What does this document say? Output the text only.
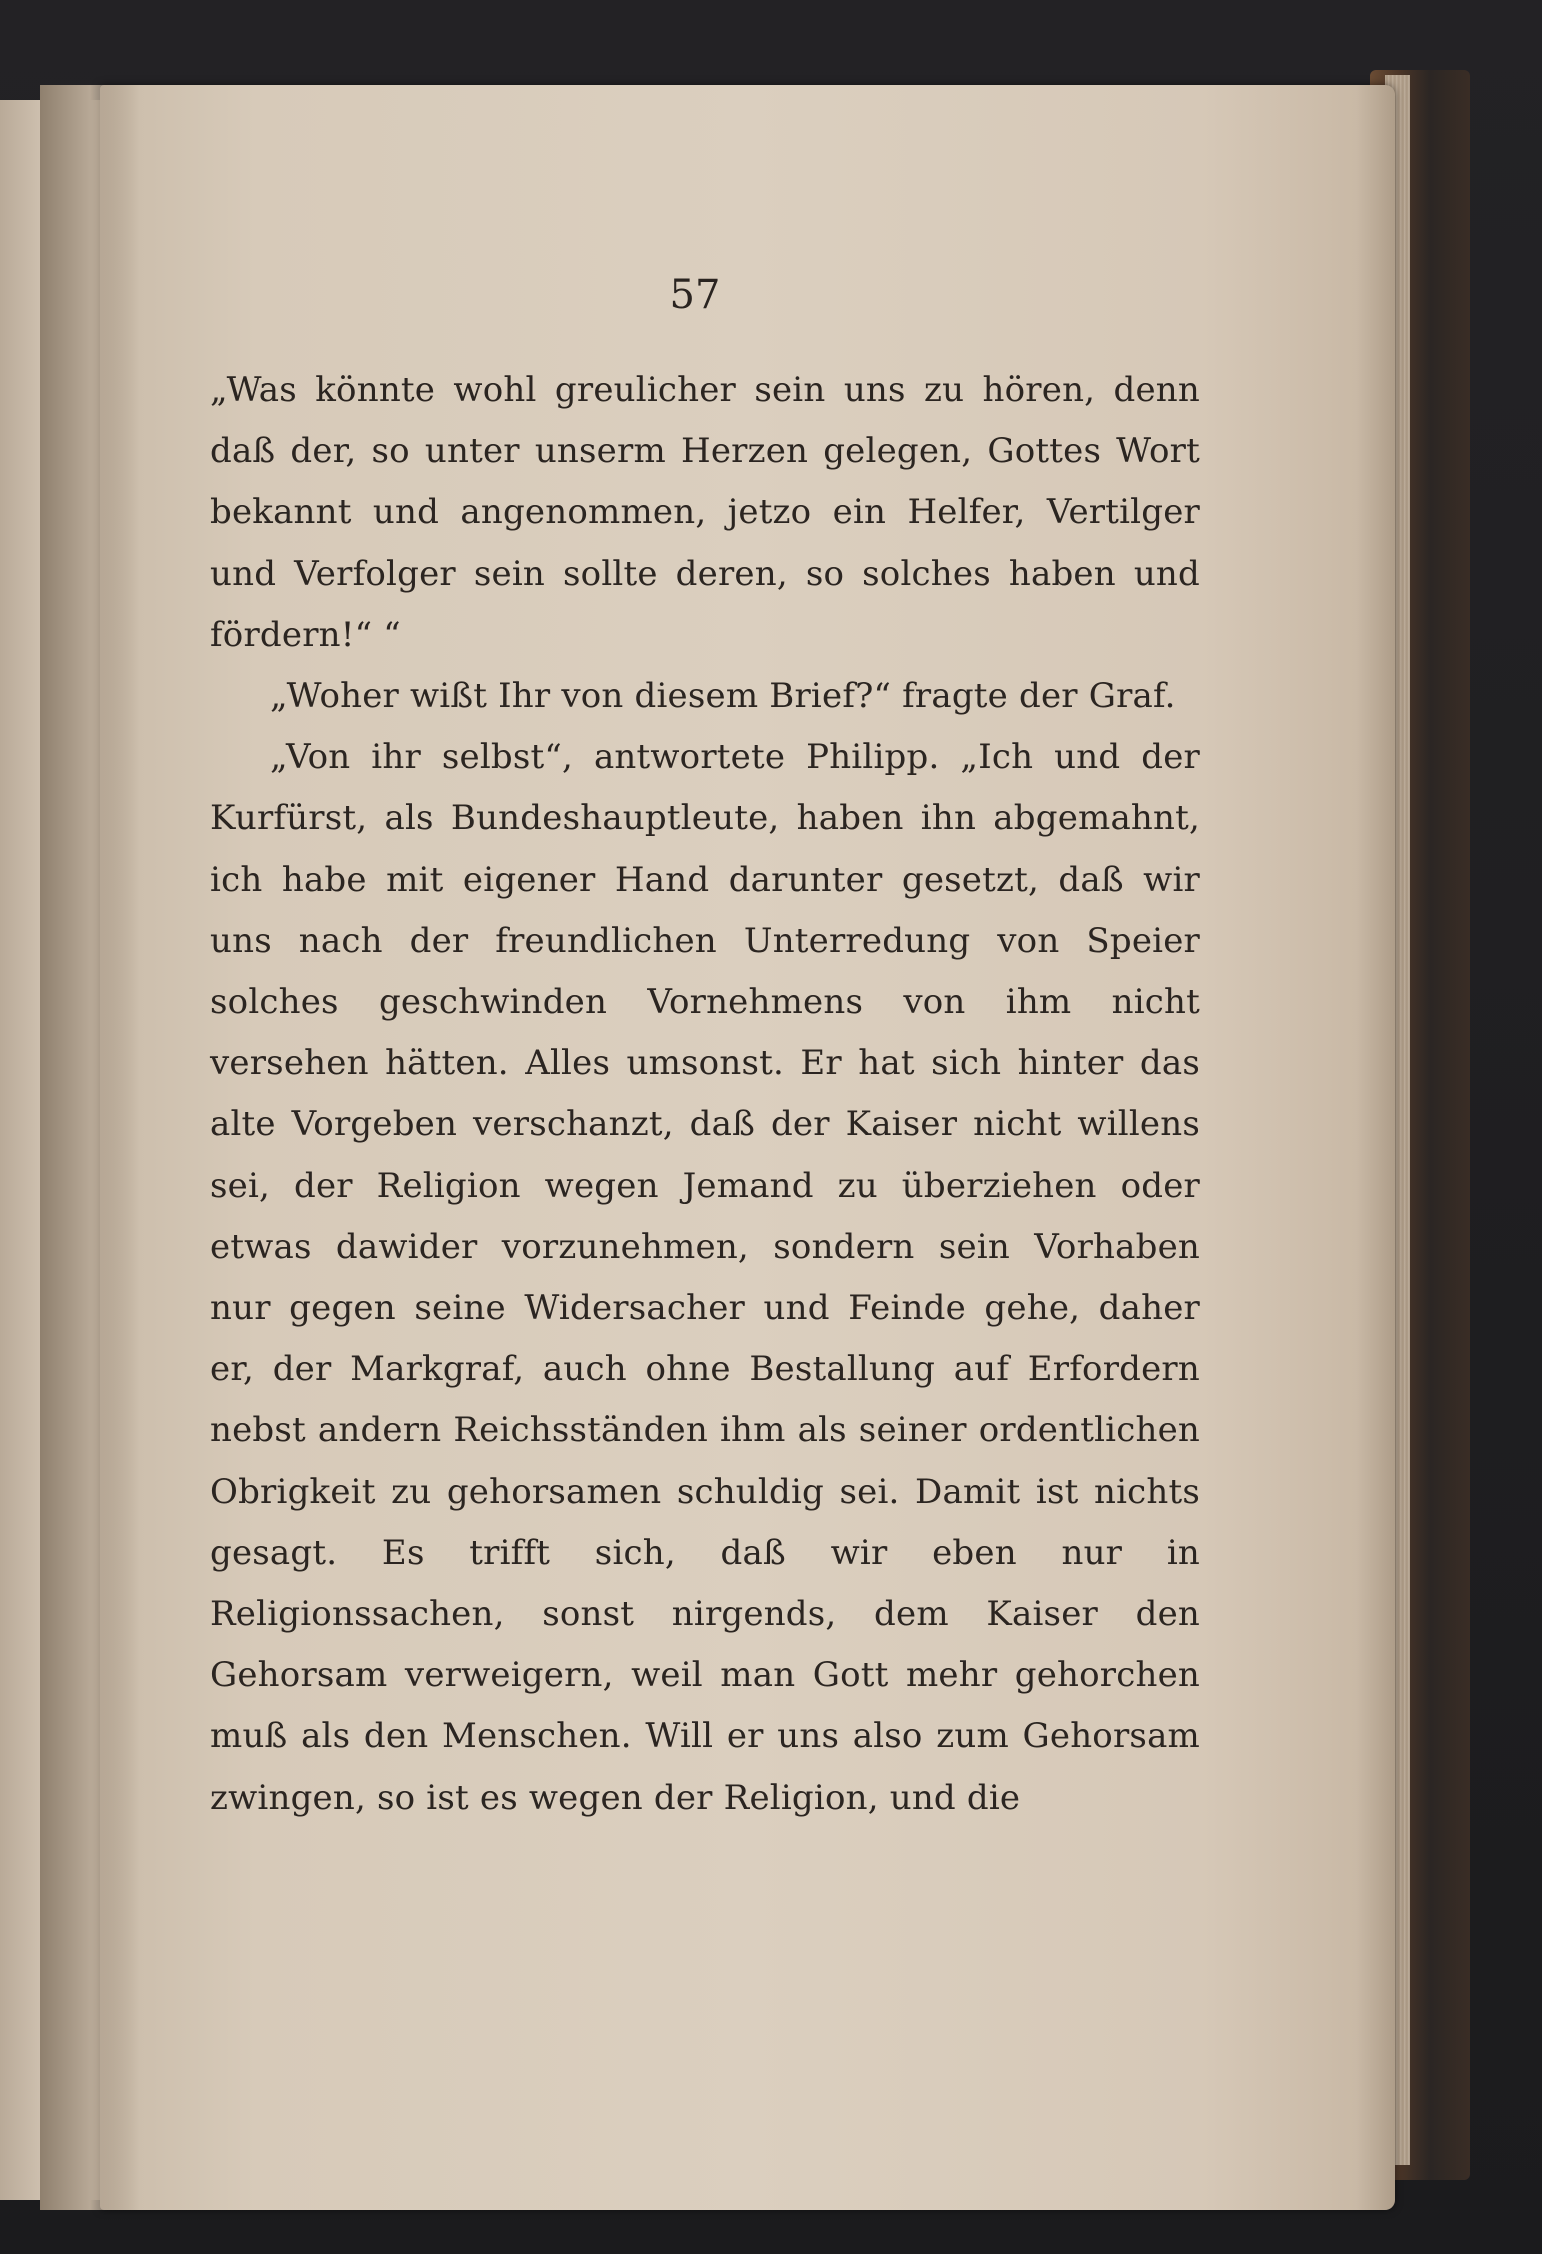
57

„Was könnte wohl greulicher sein uns zu hören, denn daß der, so unter unserm Herzen gelegen, Gottes Wort bekannt und angenommen, jetzo ein Helfer, Vertilger und Verfolger sein sollte deren, so solches haben und fördern!“ “

„Woher wißt Ihr von diesem Brief?“ fragte der Graf.

„Von ihr selbst“, antwortete Philipp. „Ich und der Kurfürst, als Bundeshauptleute, haben ihn abgemahnt, ich habe mit eigener Hand darunter gesetzt, daß wir uns nach der freundlichen Unterredung von Speier solches geschwinden Vornehmens von ihm nicht versehen hätten. Alles umsonst. Er hat sich hinter das alte Vorgeben verschanzt, daß der Kaiser nicht willens sei, der Religion wegen Jemand zu überziehen oder etwas dawider vorzunehmen, sondern sein Vorhaben nur gegen seine Widersacher und Feinde gehe, daher er, der Markgraf, auch ohne Bestallung auf Erfordern nebst andern Reichsständen ihm als seiner ordentlichen Obrigkeit zu gehorsamen schuldig sei. Damit ist nichts gesagt. Es trifft sich, daß wir eben nur in Religionssachen, sonst nirgends, dem Kaiser den Gehorsam verweigern, weil man Gott mehr gehorchen muß als den Menschen. Will er uns also zum Gehorsam zwingen, so ist es wegen der Religion, und die
